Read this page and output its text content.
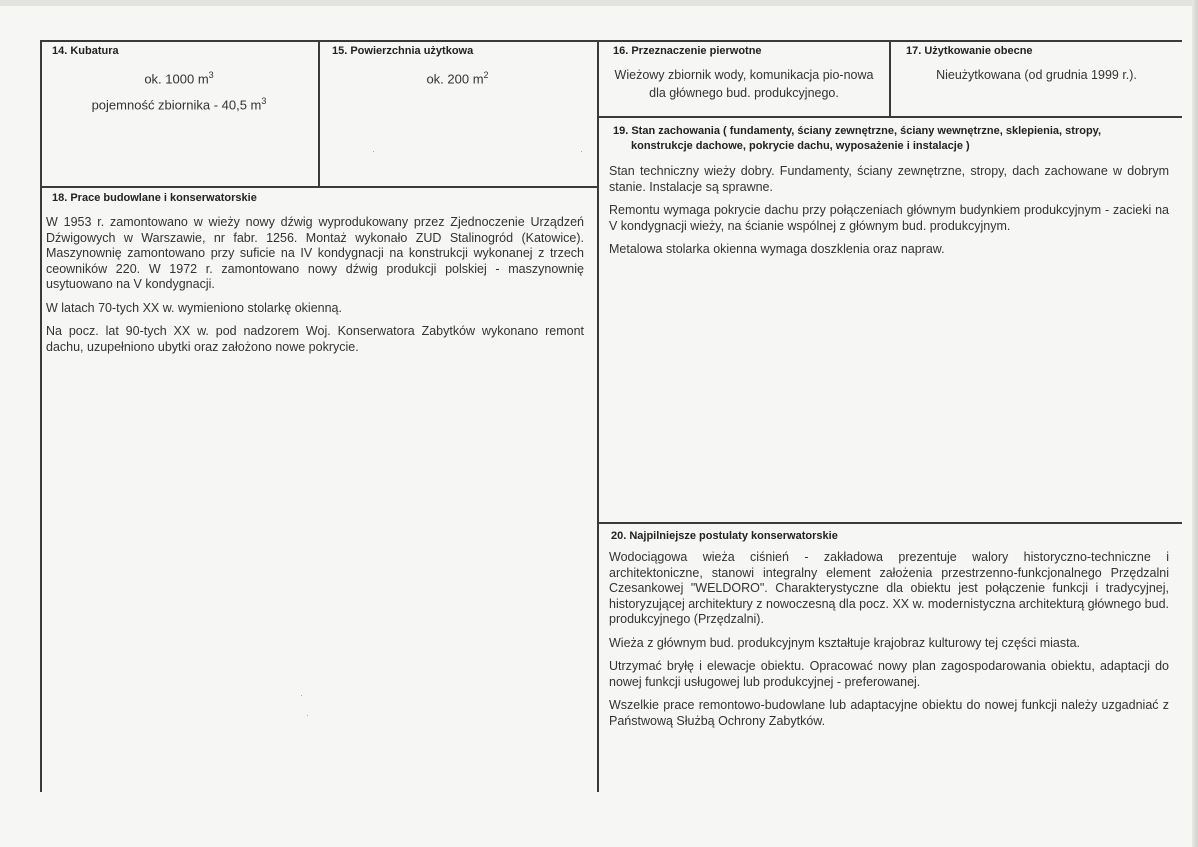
14. Kubatura
ok. 1000 $m^3$
pojemność zbiornika - 40,5 $m^3$
15. Powierzchnia użytkowa
ok. 200 $m^2$
16. Przeznaczenie pierwotne
Wieżowy zbiornik wody, komunikacja pio-nowa dla głównego bud. produkcyjnego.
17. Użytkowanie obecne
Nieużytkowana (od grudnia 1999 r.).
18. Prace budowlane i konserwatorskie

W 1953 r. zamontowano w wieży nowy dźwig wyprodukowany przez Zjednoczenie Urządzeń Dźwigowych w Warszawie, nr fabr. 1256. Montaż wykonało ZUD Stalinogród (Katowice). Maszynownię zamontowano przy suficie na IV kondygnacji na konstrukcji wykonanej z trzech ceowników 220. W 1972 r. zamontowano nowy dźwig produkcji polskiej - maszynownię usytuowano na V kondygnacji.

W latach 70-tych XX w. wymieniono stolarkę okienną.

Na pocz. lat 90-tych XX w. pod nadzorem Woj. Konserwatora Zabytków wykonano remont dachu, uzupełniono ubytki oraz założono nowe pokrycie.

19. Stan zachowania ( fundamenty, ściany zewnętrzne, ściany wewnętrzne, sklepienia, stropy,
konstrukcje dachowe, pokrycie dachu, wyposażenie i instalacje )

Stan techniczny wieży dobry. Fundamenty, ściany zewnętrzne, stropy, dach zachowane w dobrym stanie. Instalacje są sprawne.

Remontu wymaga pokrycie dachu przy połączeniach głównym budynkiem produkcyjnym - zacieki na V kondygnacji wieży, na ścianie wspólnej z głównym bud. produkcyjnym.

Metalowa stolarka okienna wymaga doszklenia oraz napraw.

20. Najpilniejsze postulaty konserwatorskie

Wodociągowa wieża ciśnień - zakładowa prezentuje walory historyczno-techniczne i architektoniczne, stanowi integralny element założenia przestrzenno-funkcjonalnego Przędzalni Czesankowej "WELDORO". Charakterystyczne dla obiektu jest połączenie funkcji i tradycyjnej, historyzującej architektury z nowoczesną dla pocz. XX w. modernistyczna architekturą głównego bud. produkcyjnego (Przędzalni).

Wieża z głównym bud. produkcyjnym kształtuje krajobraz kulturowy tej części miasta.

Utrzymać bryłę i elewacje obiektu. Opracować nowy plan zagospodarowania obiektu, adaptacji do nowej funkcji usługowej lub produkcyjnej - preferowanej.

Wszelkie prace remontowo-budowlane lub adaptacyjne obiektu do nowej funkcji należy uzgadniać z Państwową Służbą Ochrony Zabytków.

·	·
·
·
